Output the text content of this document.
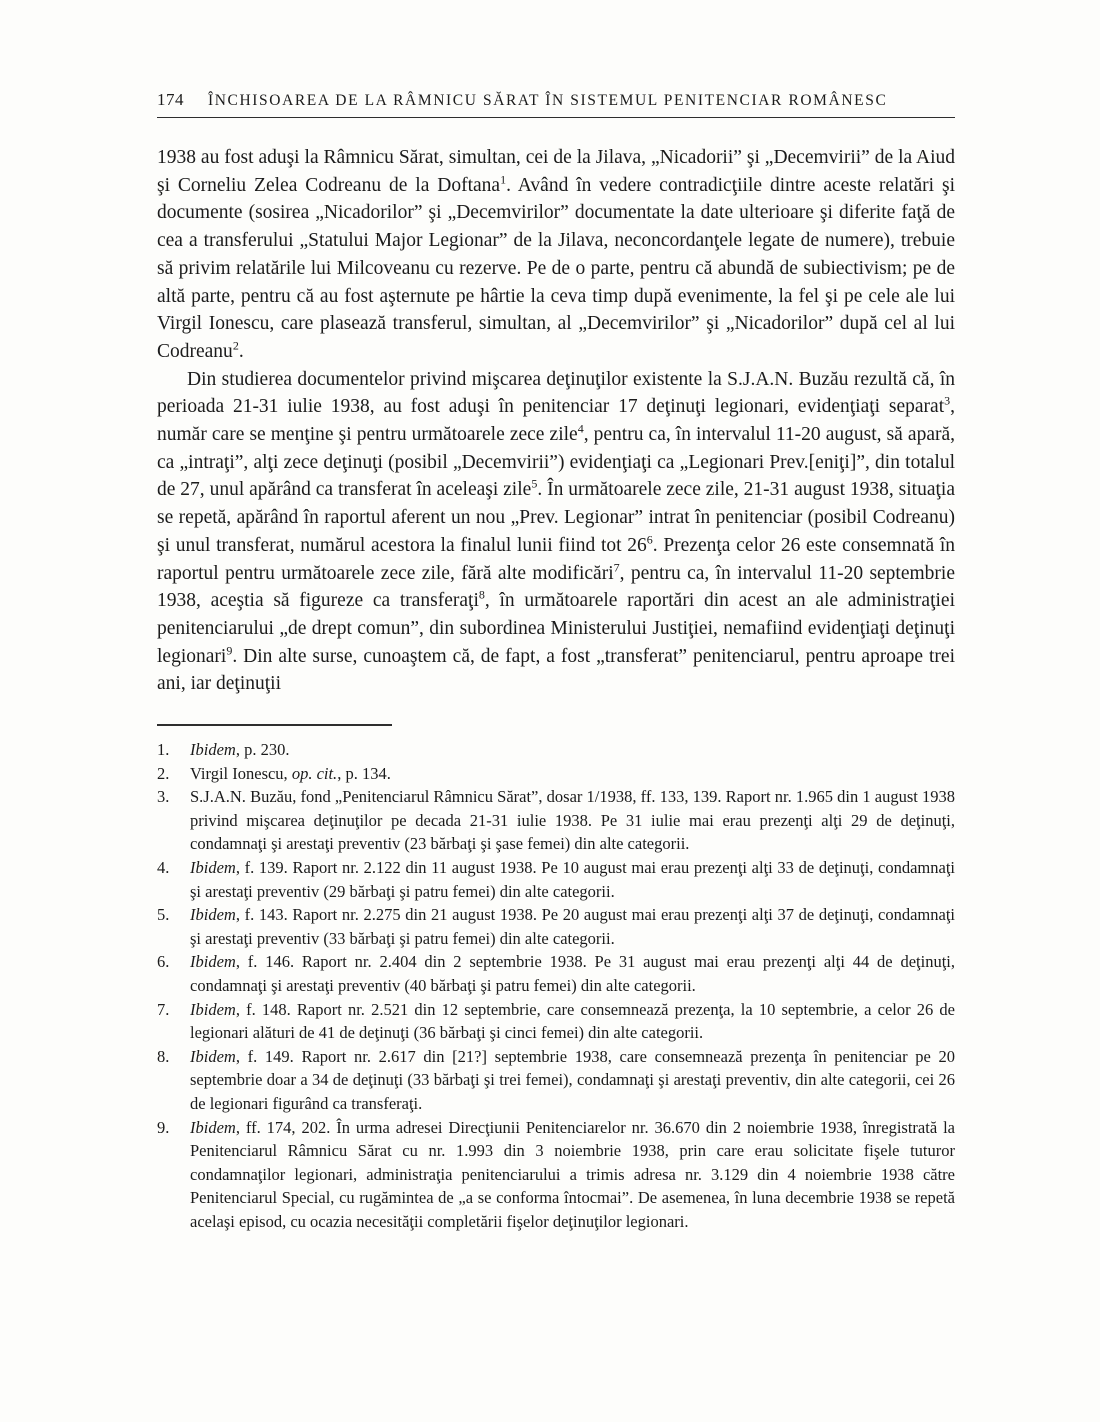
174 ÎNCHISOAREA DE LA RÂMNICU SĂRAT ÎN SISTEMUL PENITENCIAR ROMÂNESC

1938 au fost aduşi la Râmnicu Sărat, simultan, cei de la Jilava, „Nicadorii” şi „Decemvirii” de la Aiud şi Corneliu Zelea Codreanu de la Doftana$^1$. Având în vedere contradicţiile dintre aceste relatări şi documente (sosirea „Nicadorilor” şi „Decemvirilor” documentate la date ulterioare şi diferite faţă de cea a transferului „Statului Major Legionar” de la Jilava, neconcordanţele legate de numere), trebuie să privim relatările lui Milcoveanu cu rezerve. Pe de o parte, pentru că abundă de subiectivism; pe de altă parte, pentru că au fost aşternute pe hârtie la ceva timp după evenimente, la fel şi pe cele ale lui Virgil Ionescu, care plasează transferul, simultan, al „Decemvirilor” şi „Nicadorilor” după cel al lui Codreanu$^2$.

Din studierea documentelor privind mişcarea deţinuţilor existente la S.J.A.N. Buzău rezultă că, în perioada 21-31 iulie 1938, au fost aduşi în penitenciar 17 deţinuţi legionari, evidenţiaţi separat$^3$, număr care se menţine şi pentru următoarele zece zile$^4$, pentru ca, în intervalul 11-20 august, să apară, ca „intraţi”, alţi zece deţinuţi (posibil „Decemvirii”) evidenţiaţi ca „Legionari Prev.[eniţi]”, din totalul de 27, unul apărând ca transferat în aceleaşi zile$^5$. În următoarele zece zile, 21-31 august 1938, situaţia se repetă, apărând în raportul aferent un nou „Prev. Legionar” intrat în penitenciar (posibil Codreanu) şi unul transferat, numărul acestora la finalul lunii fiind tot 26$^6$. Prezenţa celor 26 este consemnată în raportul pentru următoarele zece zile, fără alte modificări$^7$, pentru ca, în intervalul 11-20 septembrie 1938, aceştia să figureze ca transferaţi$^8$, în următoarele raportări din acest an ale administraţiei penitenciarului „de drept comun”, din subordinea Ministerului Justiţiei, nemafiind evidenţiaţi deţinuţi legionari$^9$. Din alte surse, cunoaştem că, de fapt, a fost „transferat” penitenciarul, pentru aproape trei ani, iar deţinuţii

1. Ibidem, p. 230.
2. Virgil Ionescu, op. cit., p. 134.
3. S.J.A.N. Buzău, fond „Penitenciarul Râmnicu Sărat”, dosar 1/1938, ff. 133, 139. Raport nr. 1.965 din 1 august 1938 privind mişcarea deţinuţilor pe decada 21-31 iulie 1938. Pe 31 iulie mai erau prezenţi alţi 29 de deţinuţi, condamnaţi şi arestaţi preventiv (23 bărbaţi şi şase femei) din alte categorii.
4. Ibidem, f. 139. Raport nr. 2.122 din 11 august 1938. Pe 10 august mai erau prezenţi alţi 33 de deţinuţi, condamnaţi şi arestaţi preventiv (29 bărbaţi şi patru femei) din alte categorii.
5. Ibidem, f. 143. Raport nr. 2.275 din 21 august 1938. Pe 20 august mai erau prezenţi alţi 37 de deţinuţi, condamnaţi şi arestaţi preventiv (33 bărbaţi şi patru femei) din alte categorii.
6. Ibidem, f. 146. Raport nr. 2.404 din 2 septembrie 1938. Pe 31 august mai erau prezenţi alţi 44 de deţinuţi, condamnaţi şi arestaţi preventiv (40 bărbaţi şi patru femei) din alte categorii.
7. Ibidem, f. 148. Raport nr. 2.521 din 12 septembrie, care consemnează prezenţa, la 10 septembrie, a celor 26 de legionari alături de 41 de deţinuţi (36 bărbaţi şi cinci femei) din alte categorii.
8. Ibidem, f. 149. Raport nr. 2.617 din [21?] septembrie 1938, care consemnează prezenţa în penitenciar pe 20 septembrie doar a 34 de deţinuţi (33 bărbaţi şi trei femei), condamnaţi şi arestaţi preventiv, din alte categorii, cei 26 de legionari figurând ca transferaţi.
9. Ibidem, ff. 174, 202. În urma adresei Direcţiunii Penitenciarelor nr. 36.670 din 2 noiembrie 1938, înregistrată la Penitenciarul Râmnicu Sărat cu nr. 1.993 din 3 noiembrie 1938, prin care erau solicitate fişele tuturor condamnaţilor legionari, administraţia penitenciarului a trimis adresa nr. 3.129 din 4 noiembrie 1938 către Penitenciarul Special, cu rugămintea de „a se conforma întocmai”. De asemenea, în luna decembrie 1938 se repetă acelaşi episod, cu ocazia necesităţii completării fişelor deţinuţilor legionari.
